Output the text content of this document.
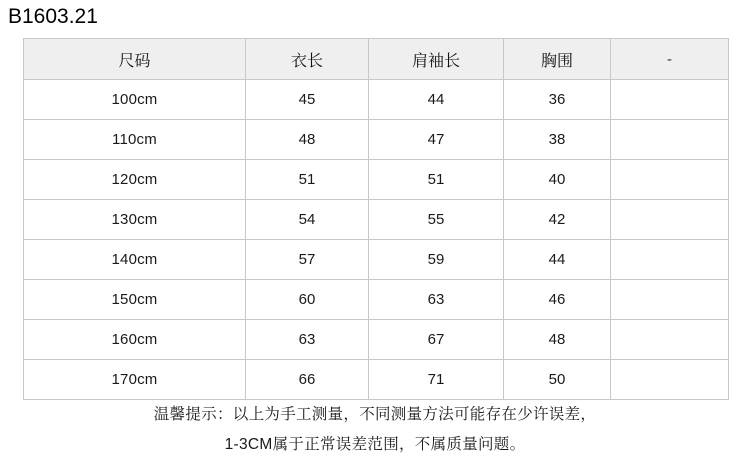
B1603.21
尺码	衣长	肩袖长	胸围	-
100cm	45	44	36	
110cm	48	47	38	
120cm	51	51	40	
130cm	54	55	42	
140cm	57	59	44	
150cm	60	63	46	
160cm	63	67	48	
170cm	66	71	50	
温馨提示：以上为手工测量，不同测量方法可能存在少许误差，
1-3CM属于正常误差范围，不属质量问题。
